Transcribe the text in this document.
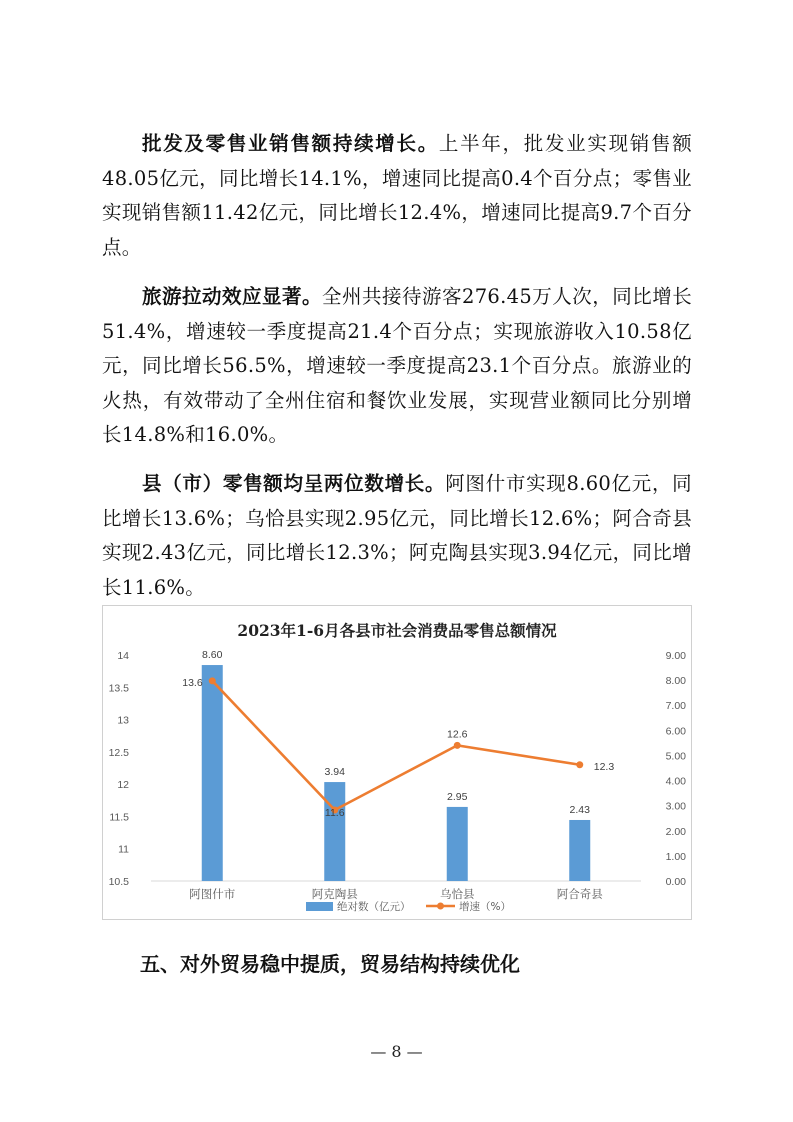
批发及零售业销售额持续增长。上半年，批发业实现销售额48.05亿元，同比增长14.1%，增速同比提高0.4个百分点；零售业实现销售额11.42亿元，同比增长12.4%，增速同比提高9.7个百分点。

旅游拉动效应显著。全州共接待游客276.45万人次，同比增长51.4%，增速较一季度提高21.4个百分点；实现旅游收入10.58亿元，同比增长56.5%，增速较一季度提高23.1个百分点。旅游业的火热，有效带动了全州住宿和餐饮业发展，实现营业额同比分别增长14.8%和16.0%。

县（市）零售额均呈两位数增长。阿图什市实现8.60亿元，同比增长13.6%；乌恰县实现2.95亿元，同比增长12.6%；阿合奇县实现2.43亿元，同比增长12.3%；阿克陶县实现3.94亿元，同比增长11.6%。

2023年1-6月各县市社会消费品零售总额情况
10.5
11
11.5
12
12.5
13
13.5
14
0.00
1.00
2.00
3.00
4.00
5.00
6.00
7.00
8.00
9.00
8.60
3.94
2.95
2.43
13.6
11.6
12.6
12.3
阿图什市	阿克陶县	乌恰县	阿合奇县
绝对数（亿元）	增速（%）
五、对外贸易稳中提质，贸易结构持续优化
— 8 —
